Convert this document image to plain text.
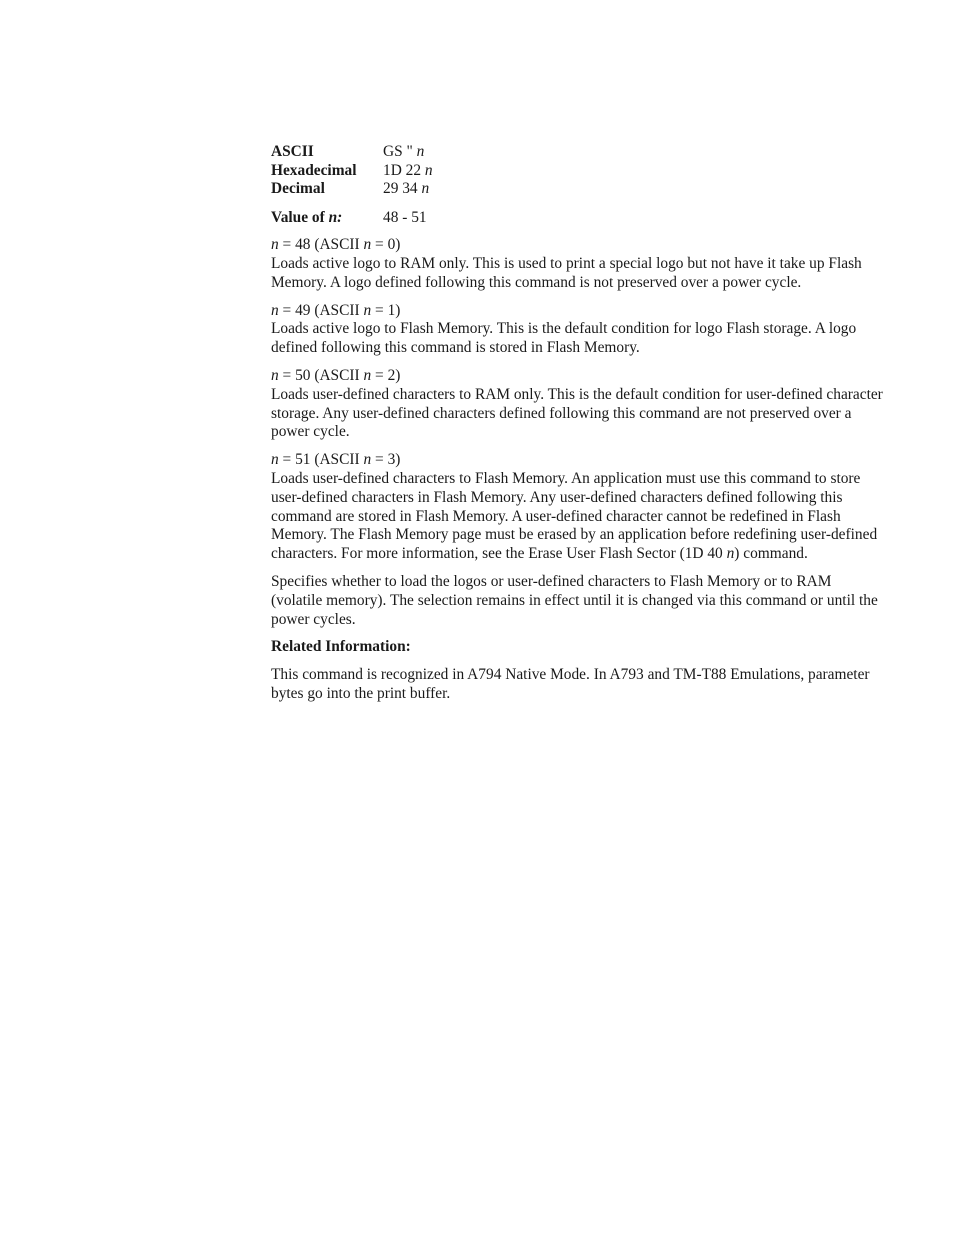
ASCII	GS " n
Hexadecimal	1D 22 n
Decimal	29 34 n
Value of n:	48 - 51

n = 48 (ASCII n = 0)

Loads active logo to RAM only. This is used to print a special logo but not have it take up Flash Memory. A logo defined following this command is not preserved over a power cycle.

n = 49 (ASCII n = 1)

Loads active logo to Flash Memory. This is the default condition for logo Flash storage. A logo defined following this command is stored in Flash Memory.

n = 50 (ASCII n = 2)

Loads user-defined characters to RAM only. This is the default condition for user-defined character storage. Any user-defined characters defined following this command are not preserved over a power cycle.

n = 51 (ASCII n = 3)

Loads user-defined characters to Flash Memory. An application must use this command to store user-defined characters in Flash Memory. Any user-defined characters defined following this command are stored in Flash Memory. A user-defined character cannot be redefined in Flash Memory. The Flash Memory page must be erased by an application before redefining user-defined characters. For more information, see the Erase User Flash Sector (1D 40 n) command.

Specifies whether to load the logos or user-defined characters to Flash Memory or to RAM (volatile memory). The selection remains in effect until it is changed via this command or until the power cycles.

Related Information:

This command is recognized in A794 Native Mode. In A793 and TM-T88 Emulations, parameter bytes go into the print buffer.
